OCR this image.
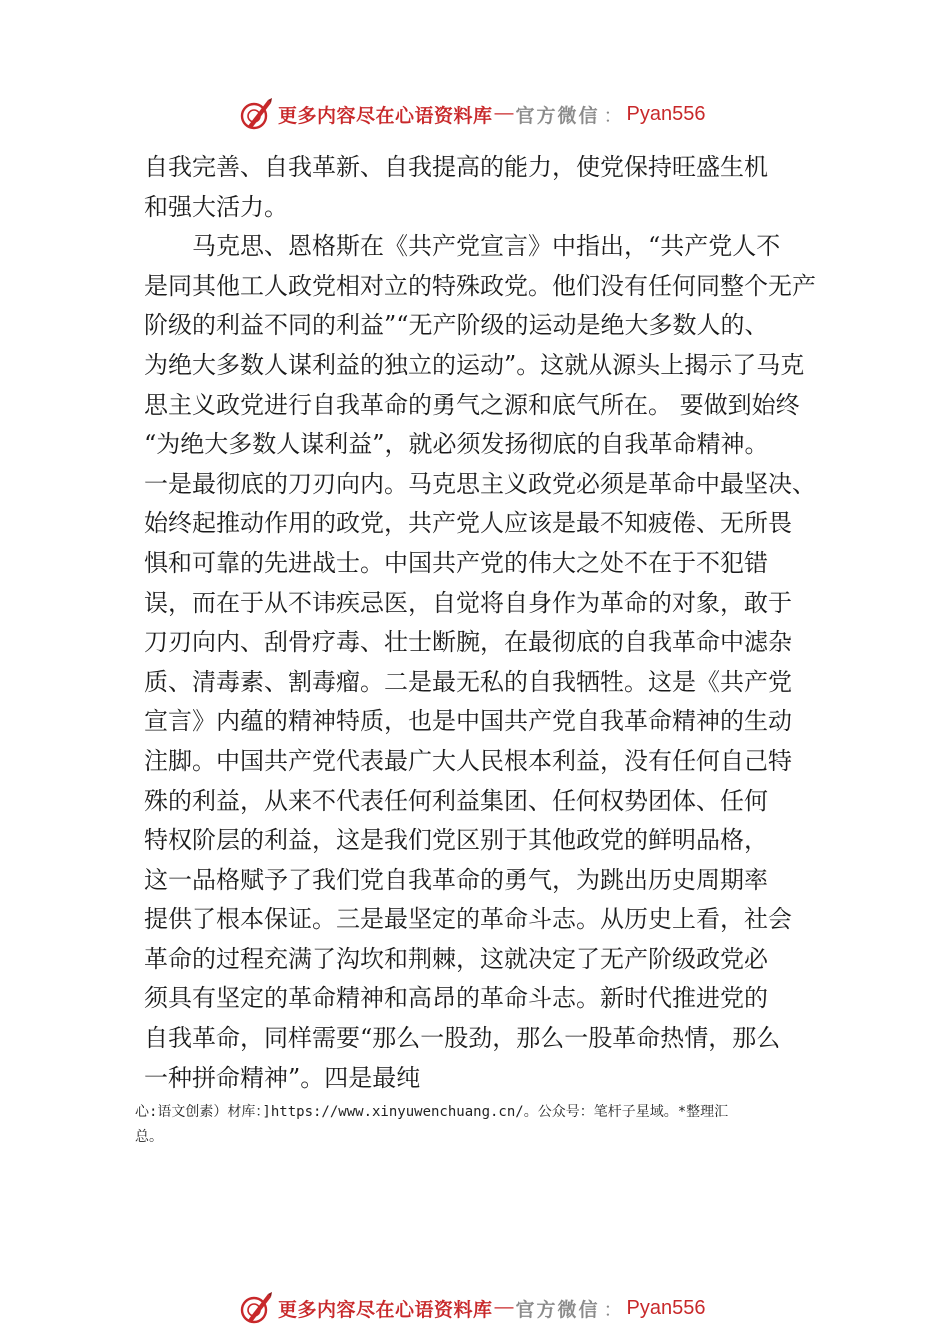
更多内容尽在心语资料库 — 官方微信 ： Pyan556
自我完善、自我革新、自我提高的能力，使党保持旺盛生机
和强大活力。
　　马克思、恩格斯在《共产党宣言》中指出，“共产党人不
是同其他工人政党相对立的特殊政党。他们没有任何同整个无产
阶级的利益不同的利益”“无产阶级的运动是绝大多数人的、
为绝大多数人谋利益的独立的运动”。这就从源头上揭示了马克
思主义政党进行自我革命的勇气之源和底气所在。 要做到始终
“为绝大多数人谋利益”，就必须发扬彻底的自我革命精神。
一是最彻底的刀刃向内。马克思主义政党必须是革命中最坚决、
始终起推动作用的政党，共产党人应该是最不知疲倦、无所畏
惧和可靠的先进战士。中国共产党的伟大之处不在于不犯错
误，而在于从不讳疾忌医，自觉将自身作为革命的对象，敢于
刀刃向内、刮骨疗毒、壮士断腕，在最彻底的自我革命中滤杂
质、清毒素、割毒瘤。二是最无私的自我牺牲。这是《共产党
宣言》内蕴的精神特质，也是中国共产党自我革命精神的生动
注脚。中国共产党代表最广大人民根本利益，没有任何自己特
殊的利益，从来不代表任何利益集团、任何权势团体、任何
特权阶层的利益，这是我们党区别于其他政党的鲜明品格，
这一品格赋予了我们党自我革命的勇气，为跳出历史周期率
提供了根本保证。三是最坚定的革命斗志。从历史上看，社会
革命的过程充满了沟坎和荆棘，这就决定了无产阶级政党必
须具有坚定的革命精神和高昂的革命斗志。新时代推进党的
自我革命，同样需要“那么一股劲，那么一股革命热情，那么
一种拼命精神”。四是最纯
心:语文创素）材库：]https://www.xinyuwenchuang.cn/。公众号：笔杆子星域。*整理汇
总。
更多内容尽在心语资料库 — 官方微信 ： Pyan556
